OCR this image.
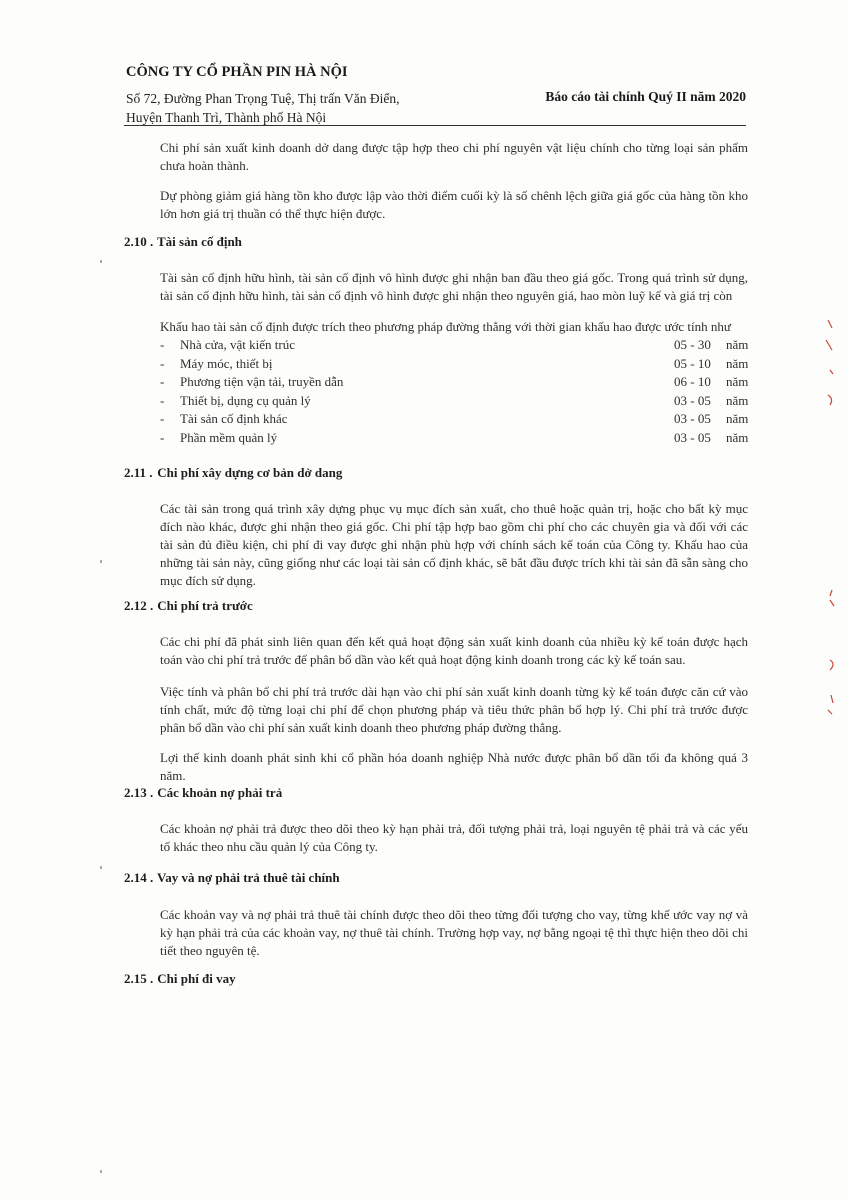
CÔNG TY CỔ PHẦN PIN HÀ NỘI
Số 72, Đường Phan Trọng Tuệ, Thị trấn Văn Điển,
Huyện Thanh Trì, Thành phố Hà Nội
Báo cáo tài chính Quý II năm 2020
Chi phí sản xuất kinh doanh dở dang được tập hợp theo chi phí nguyên vật liệu chính cho từng loại sản phẩm chưa hoàn thành.
Dự phòng giảm giá hàng tồn kho được lập vào thời điểm cuối kỳ là số chênh lệch giữa giá gốc của hàng tồn kho lớn hơn giá trị thuần có thể thực hiện được.
2.10 . Tài sản cố định
Tài sản cố định hữu hình, tài sản cố định vô hình được ghi nhận ban đầu theo giá gốc. Trong quá trình sử dụng, tài sản cố định hữu hình, tài sản cố định vô hình được ghi nhận theo nguyên giá, hao mòn luỹ kế và giá trị còn
Khấu hao tài sản cố định được trích theo phương pháp đường thẳng với thời gian khấu hao được ước tính như
- Nhà cửa, vật kiến trúc	05 - 30 năm
- Máy móc, thiết bị	05 - 10 năm
- Phương tiện vận tải, truyền dẫn	06 - 10 năm
- Thiết bị, dụng cụ quản lý	03 - 05 năm
- Tài sản cố định khác	03 - 05 năm
- Phần mềm quản lý	03 - 05 năm
2.11 . Chi phí xây dựng cơ bản dở dang
Các tài sản trong quá trình xây dựng phục vụ mục đích sản xuất, cho thuê hoặc quản trị, hoặc cho bất kỳ mục đích nào khác, được ghi nhận theo giá gốc. Chi phí tập hợp bao gồm chi phí cho các chuyên gia và đối với các tài sản đủ điều kiện, chi phí đi vay được ghi nhận phù hợp với chính sách kế toán của Công ty. Khấu hao của những tài sản này, cũng giống như các loại tài sản cố định khác, sẽ bắt đầu được trích khi tài sản đã sẵn sàng cho mục đích sử dụng.
2.12 . Chi phí trả trước
Các chi phí đã phát sinh liên quan đến kết quả hoạt động sản xuất kinh doanh của nhiều kỳ kế toán được hạch toán vào chi phí trả trước để phân bổ dần vào kết quả hoạt động kinh doanh trong các kỳ kế toán sau.
Việc tính và phân bổ chi phí trả trước dài hạn vào chi phí sản xuất kinh doanh từng kỳ kế toán được căn cứ vào tính chất, mức độ từng loại chi phí để chọn phương pháp và tiêu thức phân bổ hợp lý. Chi phí trả trước được phân bổ dần vào chi phí sản xuất kinh doanh theo phương pháp đường thẳng.
Lợi thế kinh doanh phát sinh khi cổ phần hóa doanh nghiệp Nhà nước được phân bổ dần tối đa không quá 3 năm.
2.13 . Các khoản nợ phải trả
Các khoản nợ phải trả được theo dõi theo kỳ hạn phải trả, đối tượng phải trả, loại nguyên tệ phải trả và các yếu tố khác theo nhu cầu quản lý của Công ty.
2.14 . Vay và nợ phải trả thuê tài chính
Các khoản vay và nợ phải trả thuê tài chính được theo dõi theo từng đối tượng cho vay, từng khế ước vay nợ và kỳ hạn phải trả của các khoản vay, nợ thuê tài chính. Trường hợp vay, nợ bằng ngoại tệ thì thực hiện theo dõi chi tiết theo nguyên tệ.
2.15 . Chi phí đi vay
